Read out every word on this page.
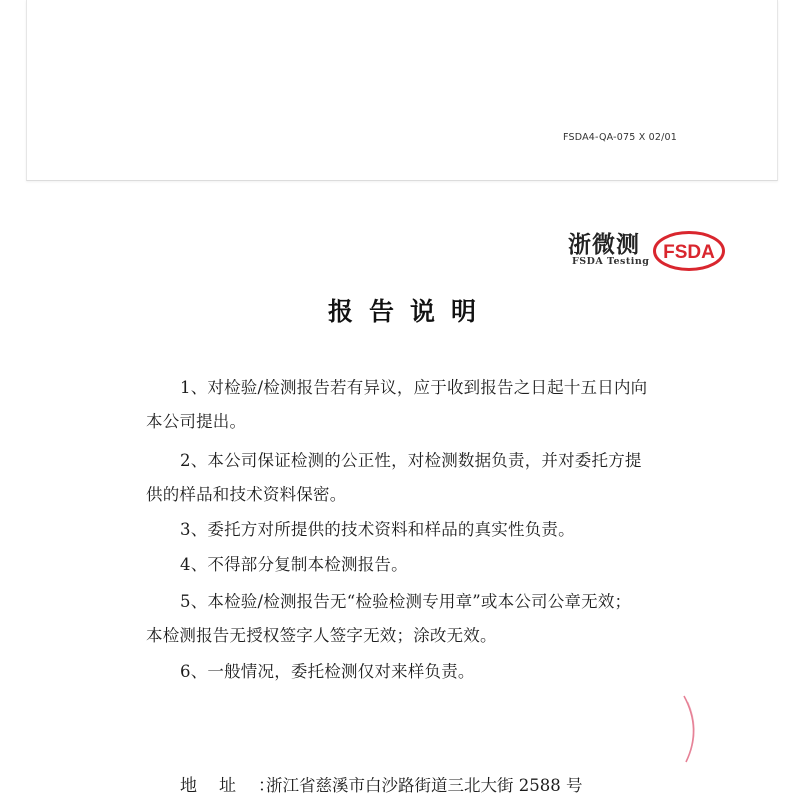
FSDA4-QA-075 X 02/01
浙微测
FSDA Testing FSDA
报告说明
1、对检验/检测报告若有异议，应于收到报告之日起十五日内向
本公司提出。
2、本公司保证检测的公正性，对检测数据负责，并对委托方提
供的样品和技术资料保密。
3、委托方对所提供的技术资料和样品的真实性负责。
4、不得部分复制本检测报告。
5、本检验/检测报告无“检验检测专用章”或本公司公章无效；
本检测报告无授权签字人签字无效；涂改无效。
6、一般情况，委托检测仅对来样负责。
地址：
浙江省慈溪市白沙路街道三北大街 2588 号
